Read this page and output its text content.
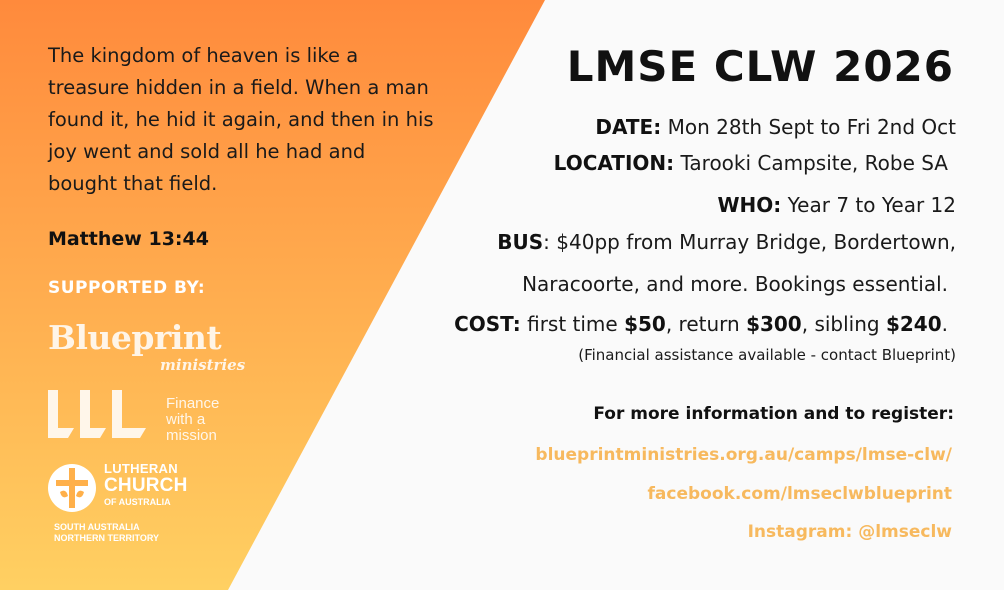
The kingdom of heaven is like a treasure hidden in a field. When a man found it, he hid it again, and then in his joy went and sold all he had and bought that field.
Matthew 13:44
SUPPORTED BY:
Blueprint
ministries
Finance
with a
mission
LUTHERAN
CHURCH
OF AUSTRALIA
SOUTH AUSTRALIA
NORTHERN TERRITORY
LMSE CLW 2026
DATE: Mon 28th Sept to Fri 2nd Oct
LOCATION: Tarooki Campsite, Robe SA
WHO: Year 7 to Year 12
BUS: $40pp from Murray Bridge, Bordertown,
Naracoorte, and more. Bookings essential.
COST: first time $50, return $300, sibling $240.
(Financial assistance available - contact Blueprint)
For more information and to register:
blueprintministries.org.au/camps/lmse-clw/
facebook.com/lmseclwblueprint
Instagram: @lmseclw
